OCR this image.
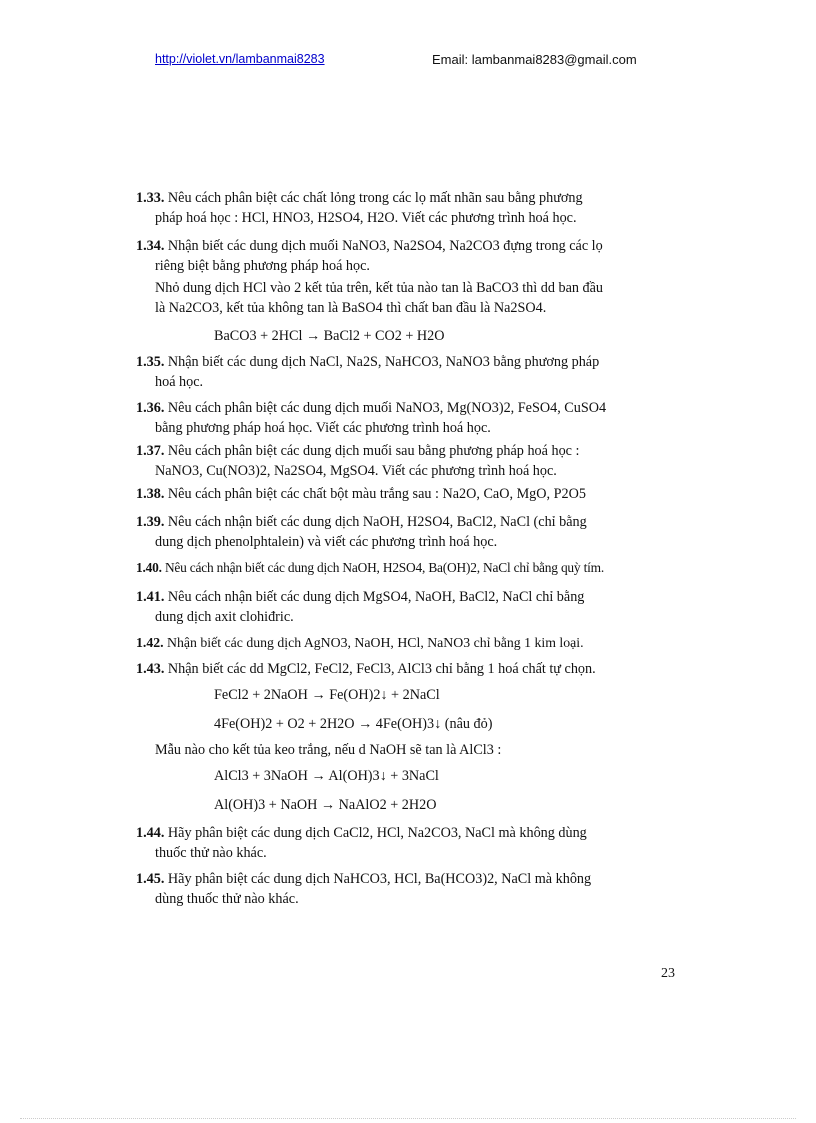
http://violet.vn/lambanmai8283	Email: lambanmai8283@gmail.com
1.33. Nêu cách phân biệt các chất lỏng trong các lọ mất nhãn sau bằng phương
pháp hoá học : HCl, HNO3, H2SO4, H2O. Viết các phương trình hoá học.
1.34. Nhận biết các dung dịch muối NaNO3, Na2SO4, Na2CO3 đựng trong các lọ
riêng biệt bằng phương pháp hoá học.
Nhỏ dung dịch HCl vào 2 kết tủa trên, kết tủa nào tan là BaCO3 thì dd ban đầu
là Na2CO3, kết tủa không tan là BaSO4 thì chất ban đầu là Na2SO4.
BaCO3 + 2HCl → BaCl2 + CO2 + H2O
1.35. Nhận biết các dung dịch NaCl, Na2S, NaHCO3, NaNO3 bằng phương pháp
hoá học.
1.36. Nêu cách phân biệt các dung dịch muối NaNO3, Mg(NO3)2, FeSO4, CuSO4
bằng phương pháp hoá học. Viết các phương trình hoá học.
1.37. Nêu cách phân biệt các dung dịch muối sau bằng phương pháp hoá học :
NaNO3, Cu(NO3)2, Na2SO4, MgSO4. Viết các phương trình hoá học.
1.38. Nêu cách phân biệt các chất bột màu trắng sau : Na2O, CaO, MgO, P2O5
1.39. Nêu cách nhận biết các dung dịch NaOH, H2SO4, BaCl2, NaCl (chỉ bằng
dung dịch phenolphtalein) và viết các phương trình hoá học.
1.40. Nêu cách nhận biết các dung dịch NaOH, H2SO4, Ba(OH)2, NaCl chỉ bằng quỳ tím.
1.41. Nêu cách nhận biết các dung dịch MgSO4, NaOH, BaCl2, NaCl chỉ bằng
dung dịch axit clohiđric.
1.42. Nhận biết các dung dịch AgNO3, NaOH, HCl, NaNO3 chỉ bằng 1 kim loại.
1.43. Nhận biết các dd MgCl2, FeCl2, FeCl3, AlCl3 chỉ bằng 1 hoá chất tự chọn.
FeCl2 + 2NaOH → Fe(OH)2↓ + 2NaCl
4Fe(OH)2 + O2 + 2H2O → 4Fe(OH)3↓ (nâu đỏ)
Mẫu nào cho kết tủa keo trắng, nếu d NaOH sẽ tan là AlCl3 :
AlCl3 + 3NaOH → Al(OH)3↓ + 3NaCl
Al(OH)3 + NaOH → NaAlO2 + 2H2O
1.44. Hãy phân biệt các dung dịch CaCl2, HCl, Na2CO3, NaCl mà không dùng
thuốc thử nào khác.
1.45. Hãy phân biệt các dung dịch NaHCO3, HCl, Ba(HCO3)2, NaCl mà không
dùng thuốc thử nào khác.
23
